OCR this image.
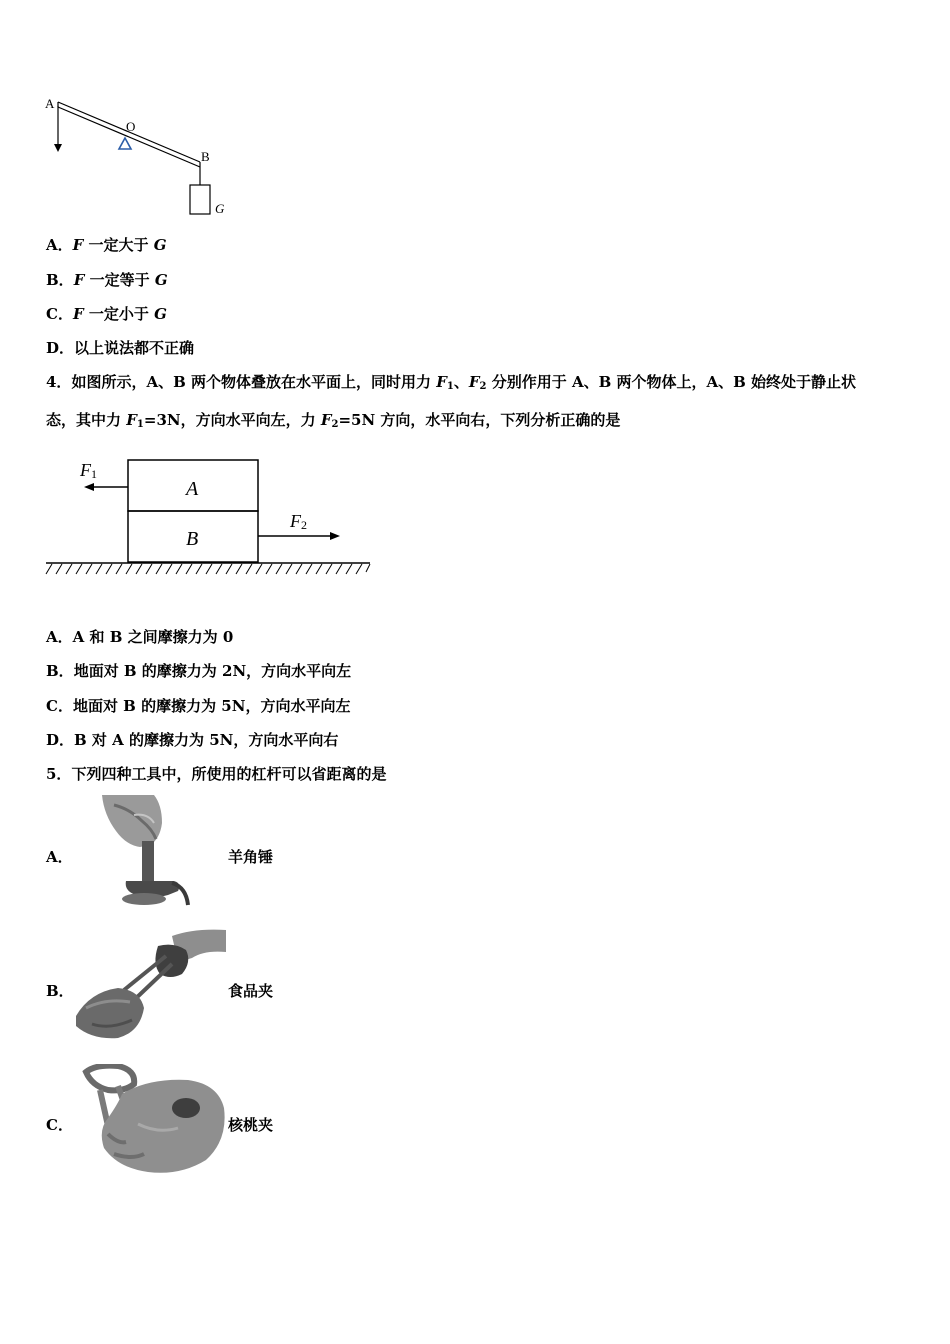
A
O
B
G
A．F 一定大于 G
B．F 一定等于 G
C．F 一定小于 G
D．以上说法都不正确
4．如图所示，A、B 两个物体叠放在水平面上，同时用力 $F_1$、$F_2$ 分别作用于 A、B 两个物体上，A、B 始终处于静止状
态，其中力 $F_1=3N$，方向水平向左，力 $F_2=5N$ 方向，水平向右，下列分析正确的是
A
B
F1
F2
A．A 和 B 之间摩擦力为 0
B．地面对 B 的摩擦力为 2N，方向水平向左
C．地面对 B 的摩擦力为 5N，方向水平向左
D．B 对 A 的摩擦力为 5N，方向水平向右
5．下列四种工具中，所使用的杠杆可以省距离的是
A．	羊角锤
B．	食品夹
C．	核桃夹
